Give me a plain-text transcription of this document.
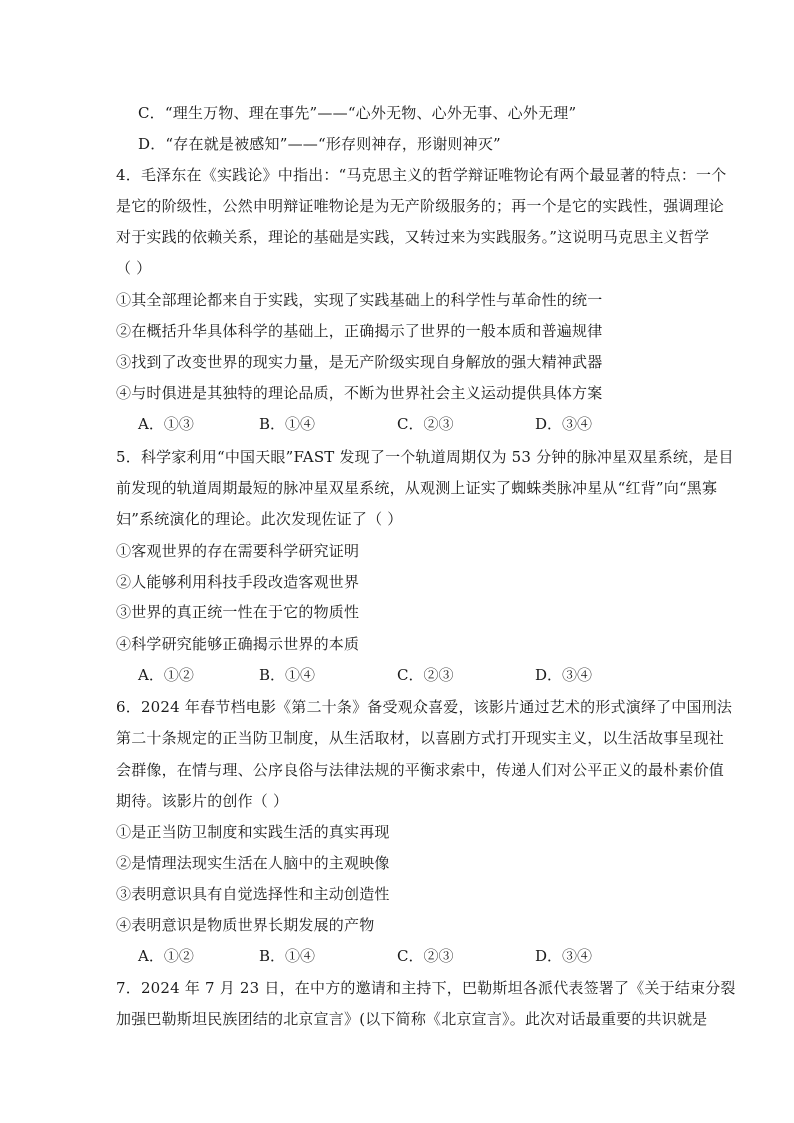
C．“理生万物、理在事先”——“心外无物、心外无事、心外无理”
D．“存在就是被感知”——“形存则神存，形谢则神灭”
4．毛泽东在《实践论》中指出：“马克思主义的哲学辩证唯物论有两个最显著的特点：一个
是它的阶级性，公然申明辩证唯物论是为无产阶级服务的；再一个是它的实践性，强调理论
对于实践的依赖关系，理论的基础是实践，又转过来为实践服务。”这说明马克思主义哲学
（ ）
①其全部理论都来自于实践，实现了实践基础上的科学性与革命性的统一
②在概括升华具体科学的基础上，正确揭示了世界的一般本质和普遍规律
③找到了改变世界的现实力量，是无产阶级实现自身解放的强大精神武器
④与时俱进是其独特的理论品质，不断为世界社会主义运动提供具体方案
A．①③	B．①④	C．②③	D．③④
5．科学家利用“中国天眼”FAST 发现了一个轨道周期仅为 53 分钟的脉冲星双星系统，是目
前发现的轨道周期最短的脉冲星双星系统，从观测上证实了蜘蛛类脉冲星从“红背”向“黑寡
妇”系统演化的理论。此次发现佐证了（ ）
①客观世界的存在需要科学研究证明
②人能够利用科技手段改造客观世界
③世界的真正统一性在于它的物质性
④科学研究能够正确揭示世界的本质
A．①②	B．①④	C．②③	D．③④
6．2024 年春节档电影《第二十条》备受观众喜爱，该影片通过艺术的形式演绎了中国刑法
第二十条规定的正当防卫制度，从生活取材，以喜剧方式打开现实主义，以生活故事呈现社
会群像，在情与理、公序良俗与法律法规的平衡求索中，传递人们对公平正义的最朴素价值
期待。该影片的创作（ ）
①是正当防卫制度和实践生活的真实再现
②是情理法现实生活在人脑中的主观映像
③表明意识具有自觉选择性和主动创造性
④表明意识是物质世界长期发展的产物
A．①②	B．①④	C．②③	D．③④
7．2024 年 7 月 23 日，在中方的邀请和主持下，巴勒斯坦各派代表签署了《关于结束分裂
加强巴勒斯坦民族团结的北京宣言》(以下简称《北京宣言》。此次对话最重要的共识就是
